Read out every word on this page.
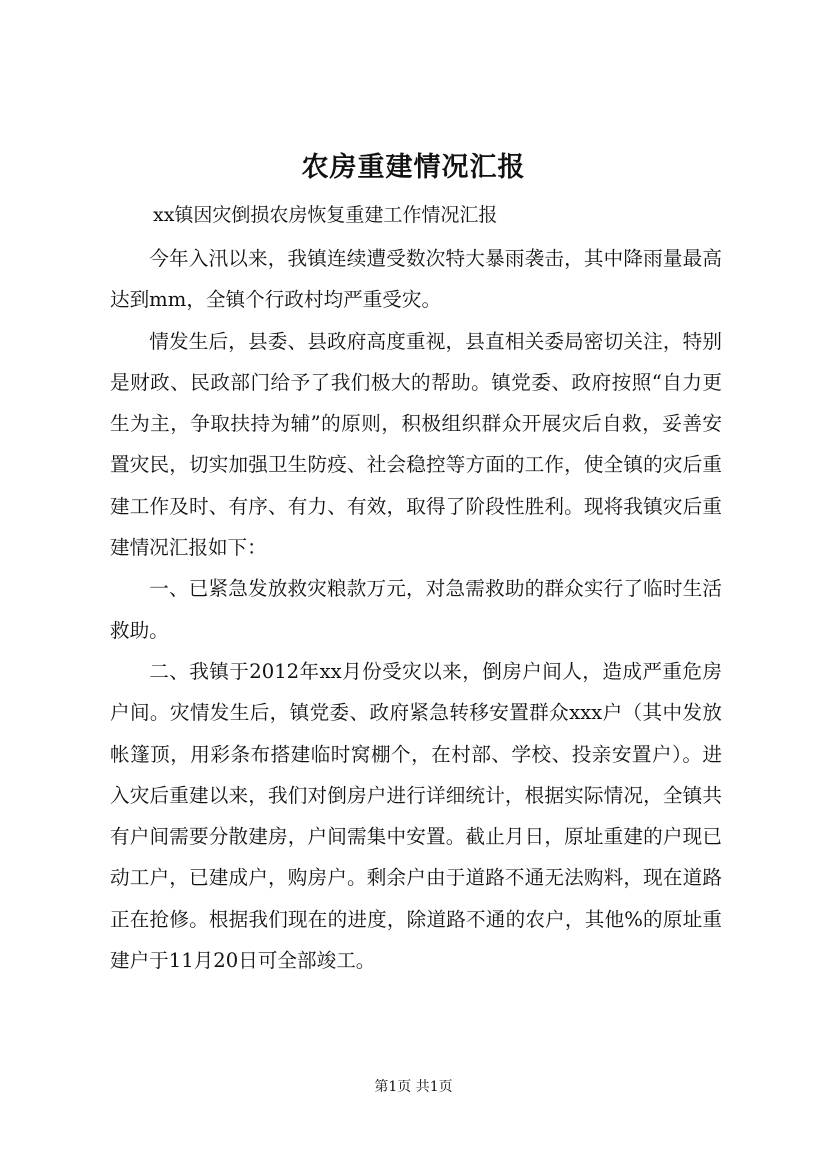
农房重建情况汇报

xx镇因灾倒损农房恢复重建工作情况汇报

今年入汛以来，我镇连续遭受数次特大暴雨袭击，其中降雨量最高达到mm，全镇个行政村均严重受灾。

情发生后，县委、县政府高度重视，县直相关委局密切关注，特别是财政、民政部门给予了我们极大的帮助。镇党委、政府按照“自力更生为主，争取扶持为辅”的原则，积极组织群众开展灾后自救，妥善安置灾民，切实加强卫生防疫、社会稳控等方面的工作，使全镇的灾后重建工作及时、有序、有力、有效，取得了阶段性胜利。现将我镇灾后重建情况汇报如下：

一、已紧急发放救灾粮款万元，对急需救助的群众实行了临时生活救助。

二、我镇于2012年xx月份受灾以来，倒房户间人，造成严重危房户间。灾情发生后，镇党委、政府紧急转移安置群众xxx户（其中发放帐篷顶，用彩条布搭建临时窝棚个，在村部、学校、投亲安置户）。进入灾后重建以来，我们对倒房户进行详细统计，根据实际情况，全镇共有户间需要分散建房，户间需集中安置。截止月日，原址重建的户现已动工户，已建成户，购房户。剩余户由于道路不通无法购料，现在道路正在抢修。根据我们现在的进度，除道路不通的农户，其他%的原址重建户于11月20日可全部竣工。

第1页 共1页
